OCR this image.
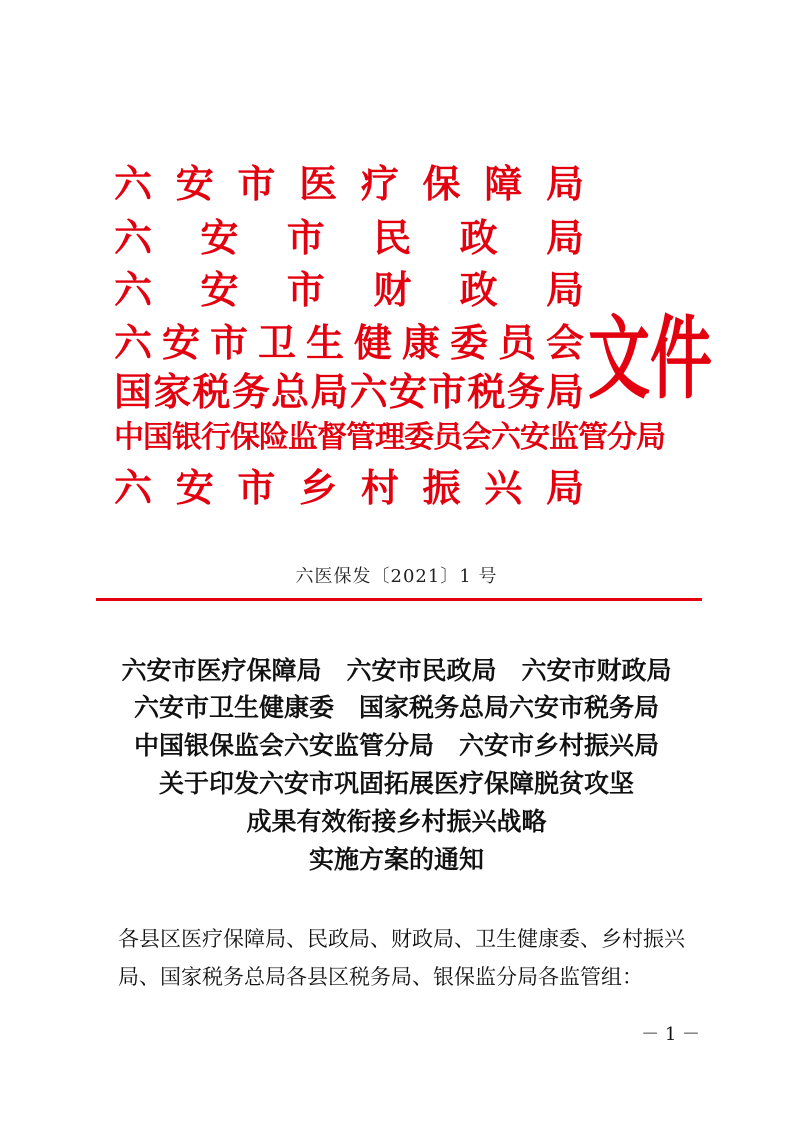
六安市医疗保障局
六安市民政局
六安市财政局
六安市卫生健康委员会
国家税务总局六安市税务局
中国银行保险监督管理委员会六安监管分局
六安市乡村振兴局
文件
六医保发〔2021〕1 号
六安市医疗保障局　六安市民政局　六安市财政局
六安市卫生健康委　国家税务总局六安市税务局
中国银保监会六安监管分局　六安市乡村振兴局
关于印发六安市巩固拓展医疗保障脱贫攻坚
成果有效衔接乡村振兴战略
实施方案的通知
各县区医疗保障局、民政局、财政局、卫生健康委、乡村振兴
局、国家税务总局各县区税务局、银保监分局各监管组：
－ 1 －
